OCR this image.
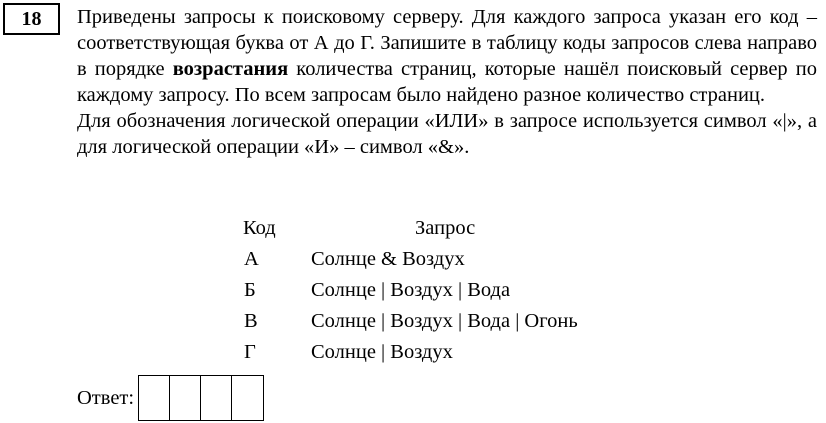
18 Приведены запросы к поисковому серверу. Для каждого запроса указан его код – соответствующая буква от А до Г. Запишите в таблицу коды запросов слева направо в порядке возрастания количества страниц, которые нашёл поисковый сервер по каждому запросу. По всем запросам было найдено разное количество страниц.

Для обозначения логической операции «ИЛИ» в запросе используется символ «|», а для логической операции «И» – символ «&».

Код	Запрос
А	Солнце & Воздух
Б	Солнце | Воздух | Вода
В	Солнце | Воздух | Вода | Огонь
Г	Солнце | Воздух
Ответ:
